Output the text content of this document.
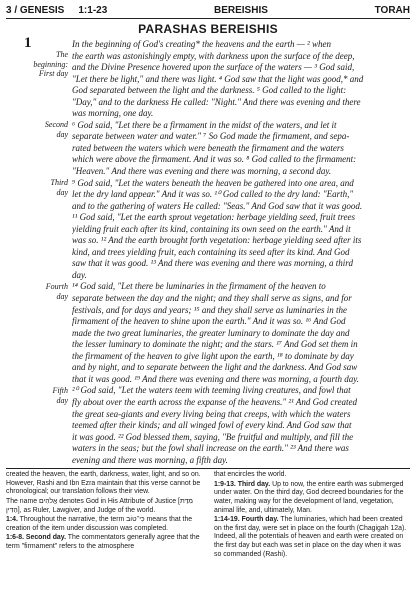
3 / GENESIS 1:1-23	BEREISHIS	TORAH
PARASHAS BEREISHIS
1
The
beginning:
First day
Second
day
Third
day
Fourth
day
Fifth
day
In the beginning of God's creating* the heavens and the earth — ² when
the earth was astonishingly empty, with darkness upon the surface of the deep,
and the Divine Presence hovered upon the surface of the waters — ³ God said,
"Let there be light," and there was light. ⁴ God saw that the light was good,* and
God separated between the light and the darkness. ⁵ God called to the light:
"Day," and to the darkness He called: "Night." And there was evening and there
was morning, one day.
⁶ God said, "Let there be a firmament in the midst of the waters, and let it
separate between water and water." ⁷ So God made the firmament, and sepa-
rated between the waters which were beneath the firmament and the waters
which were above the firmament. And it was so. ⁸ God called to the firmament:
"Heaven." And there was evening and there was morning, a second day.
⁹ God said, "Let the waters beneath the heaven be gathered into one area, and
let the dry land appear." And it was so. ¹⁰ God called to the dry land: "Earth,"
and to the gathering of waters He called: "Seas." And God saw that it was good.
¹¹ God said, "Let the earth sprout vegetation: herbage yielding seed, fruit trees
yielding fruit each after its kind, containing its own seed on the earth." And it
was so. ¹² And the earth brought forth vegetation: herbage yielding seed after its
kind, and trees yielding fruit, each containing its seed after its kind. And God
saw that it was good. ¹³ And there was evening and there was morning, a third
day.
¹⁴ God said, "Let there be luminaries in the firmament of the heaven to
separate between the day and the night; and they shall serve as signs, and for
festivals, and for days and years; ¹⁵ and they shall serve as luminaries in the
firmament of the heaven to shine upon the earth." And it was so. ¹⁶ And God
made the two great luminaries, the greater luminary to dominate the day and
the lesser luminary to dominate the night; and the stars. ¹⁷ And God set them in
the firmament of the heaven to give light upon the earth, ¹⁸ to dominate by day
and by night, and to separate between the light and the darkness. And God saw
that it was good. ¹⁹ And there was evening and there was morning, a fourth day.
²⁰ God said, "Let the waters teem with teeming living creatures, and fowl that
fly about over the earth across the expanse of the heavens." ²¹ And God created
the great sea-giants and every living being that creeps, with which the waters
teemed after their kinds; and all winged fowl of every kind. And God saw that
it was good. ²² God blessed them, saying, "Be fruitful and multiply, and fill the
waters in the seas; but the fowl shall increase on the earth." ²³ And there was
evening and there was morning, a fifth day.

created the heaven, the earth, darkness, water, light, and so on. However, Rashi and Ibn Ezra maintain that this verse cannot be chronological; our translation follows their view.

The name אֱלֹהִים denotes God in His Attribute of Justice [מִדַּת הַדִּין], as Ruler, Lawgiver, and Judge of the world.

1:4. Throughout the narrative, the term כִּי־טוֹב means that the creation of the item under discussion was completed.

1:6-8. Second day. The commentators generally agree that the term "firmament" refers to the atmosphere

that encircles the world.

1:9-13. Third day. Up to now, the entire earth was submerged under water. On the third day, God decreed boundaries for the water, making way for the development of land, vegetation, animal life, and, ultimately, Man.

1:14-19. Fourth day. The luminaries, which had been created on the first day, were set in place on the fourth (Chagigah 12a). Indeed, all the potentials of heaven and earth were created on the first day but each was set in place on the day when it was so commanded (Rashi).
